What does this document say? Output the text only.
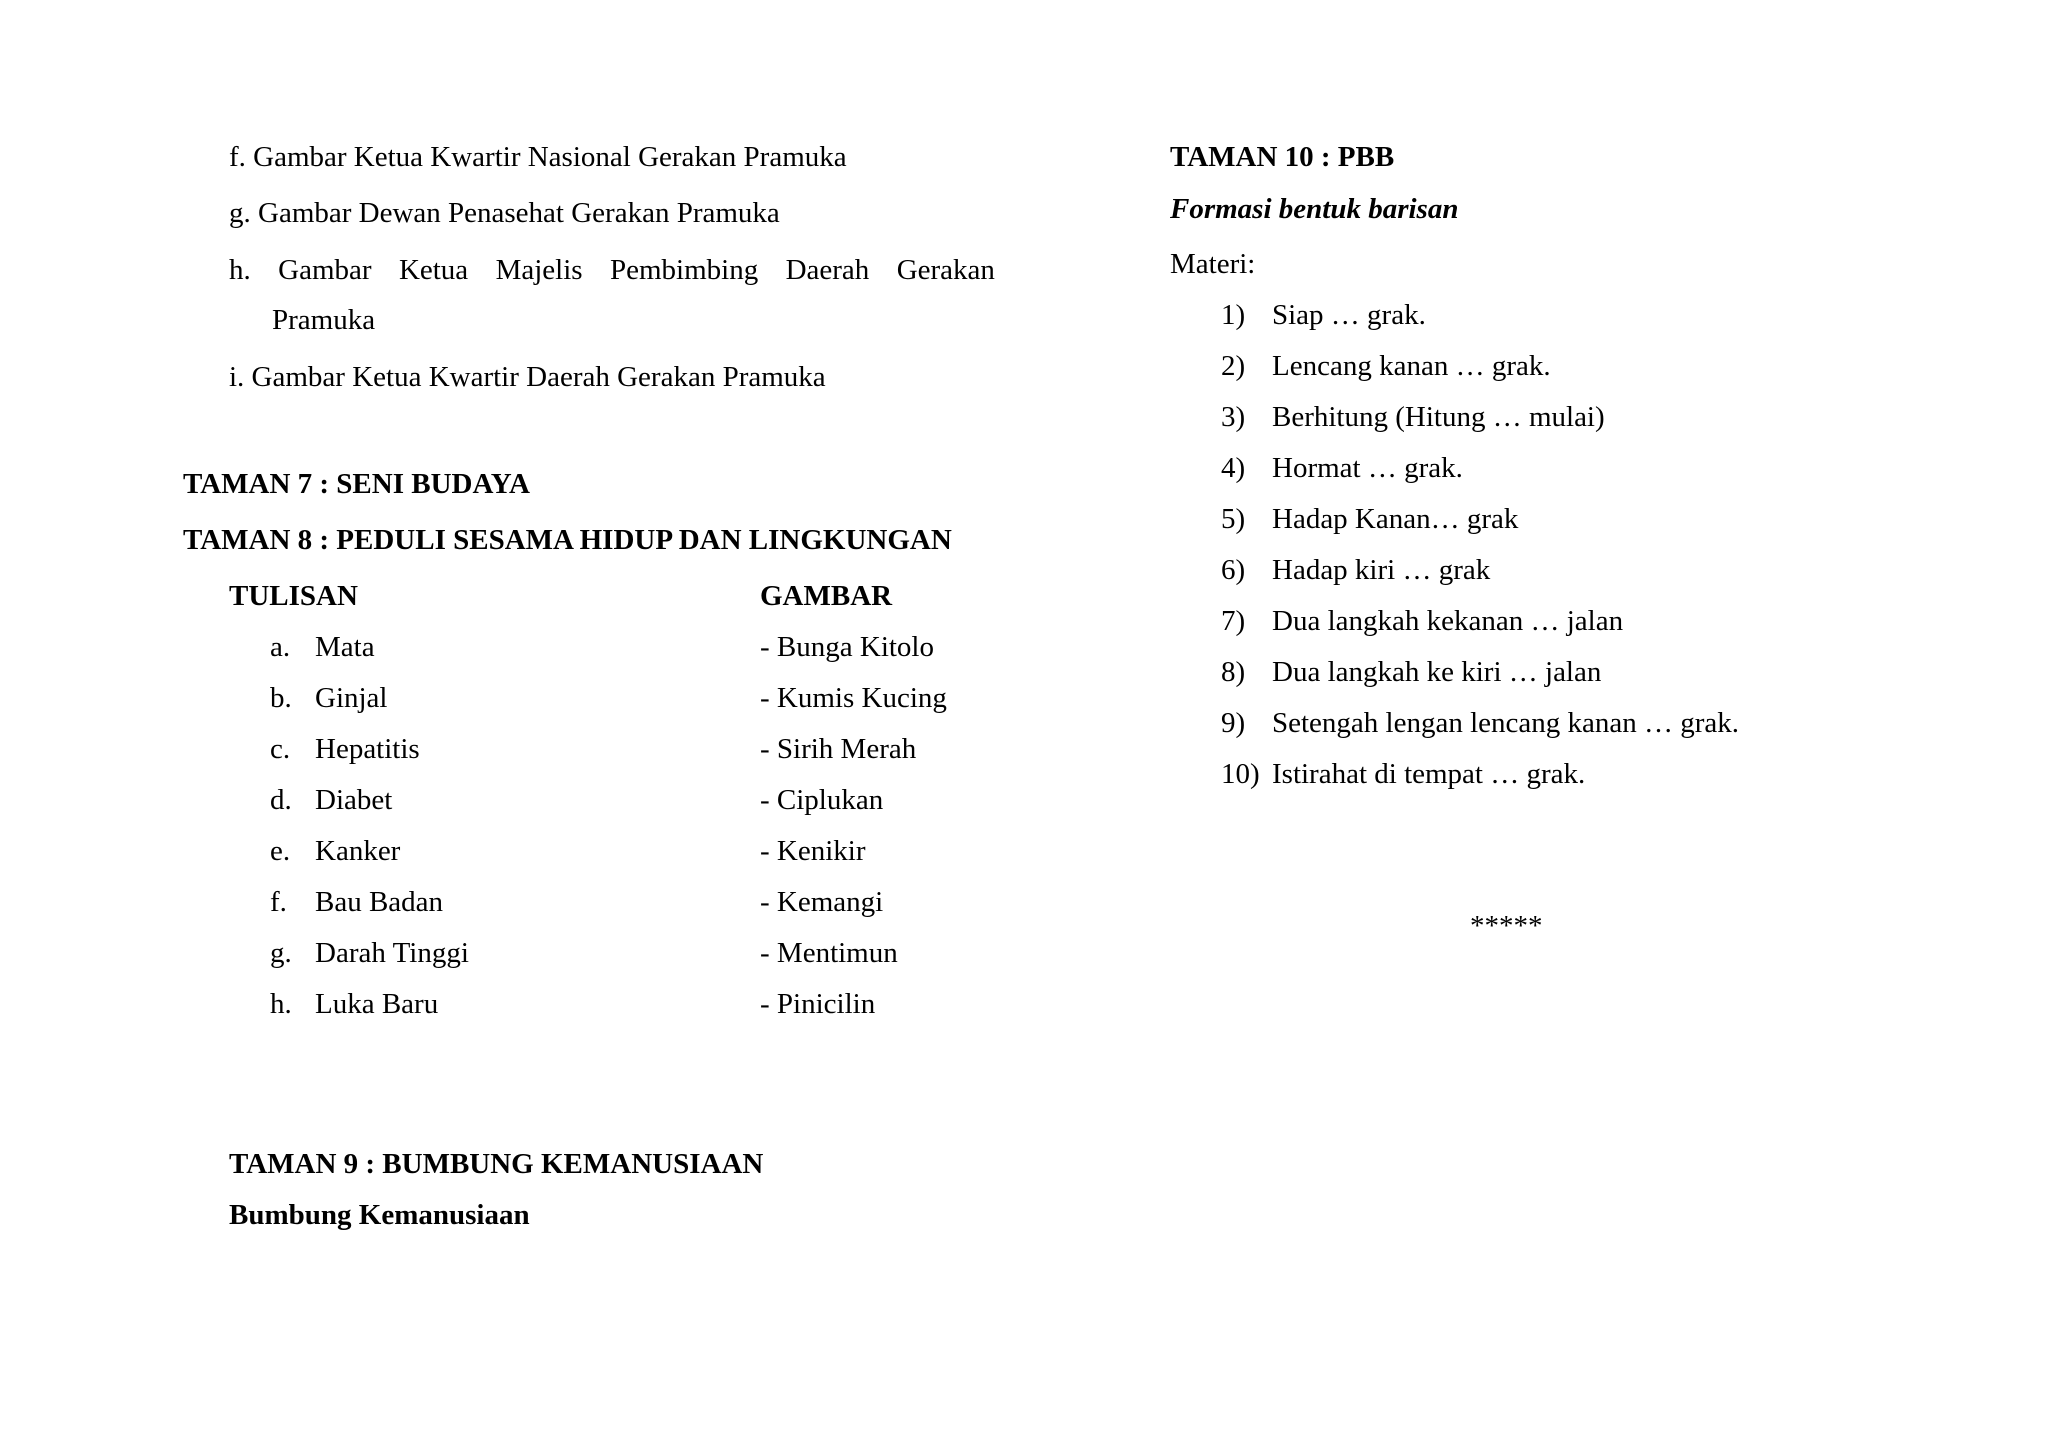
f. Gambar Ketua Kwartir Nasional Gerakan Pramuka
g. Gambar Dewan Penasehat Gerakan Pramuka
h. Gambar Ketua Majelis Pembimbing Daerah Gerakan
Pramuka
i. Gambar Ketua Kwartir Daerah Gerakan Pramuka
TAMAN 7 : SENI BUDAYA
TAMAN 8 : PEDULI SESAMA HIDUP DAN LINGKUNGAN
TULISAN	GAMBAR
a. Mata	- Bunga Kitolo
b. Ginjal	- Kumis Kucing
c. Hepatitis	- Sirih Merah
d. Diabet	- Ciplukan
e. Kanker	- Kenikir
f. Bau Badan	- Kemangi
g. Darah Tinggi	- Mentimun
h. Luka Baru	- Pinicilin
TAMAN 9 : BUMBUNG KEMANUSIAAN
Bumbung Kemanusiaan
TAMAN 10 : PBB
Formasi bentuk barisan
Materi:
1) Siap … grak.
2) Lencang kanan … grak.
3) Berhitung (Hitung … mulai)
4) Hormat … grak.
5) Hadap Kanan… grak
6) Hadap kiri … grak
7) Dua langkah kekanan … jalan
8) Dua langkah ke kiri … jalan
9) Setengah lengan lencang kanan … grak.
10) Istirahat di tempat … grak.
*****
